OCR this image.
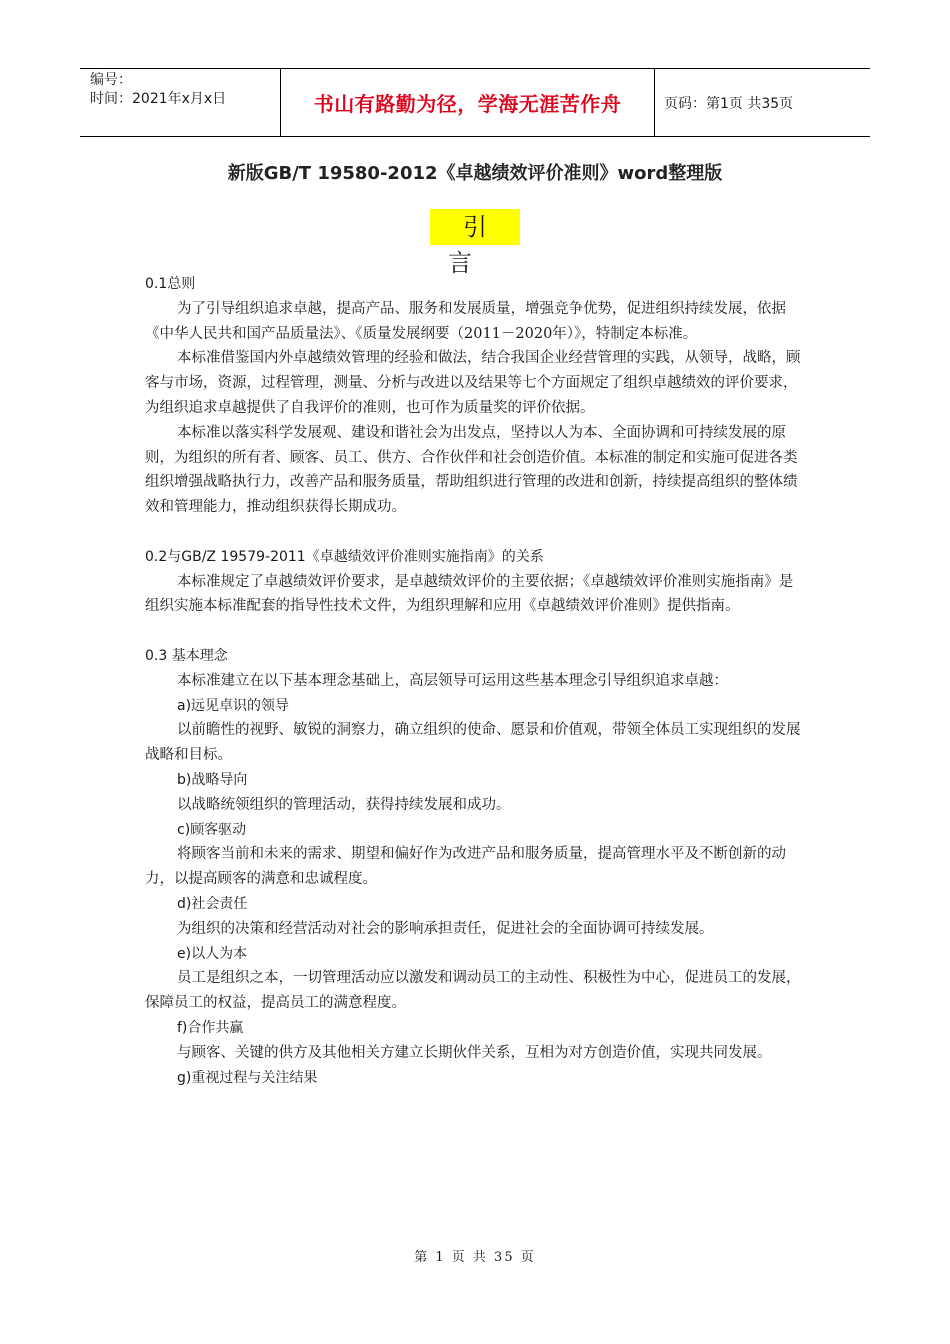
编号：
时间：2021年x月x日	书山有路勤为径，学海无涯苦作舟	页码：第1页 共35页
新版GB/T 19580-2012《卓越绩效评价准则》word整理版
引言

0.1总则

为了引导组织追求卓越，提高产品、服务和发展质量，增强竞争优势，促进组织持续发展，依据《中华人民共和国产品质量法》、《质量发展纲要（2011－2020年）》，特制定本标准。

本标准借鉴国内外卓越绩效管理的经验和做法，结合我国企业经营管理的实践，从领导，战略，顾客与市场，资源，过程管理，测量、分析与改进以及结果等七个方面规定了组织卓越绩效的评价要求，为组织追求卓越提供了自我评价的准则，也可作为质量奖的评价依据。

本标准以落实科学发展观、建设和谐社会为出发点，坚持以人为本、全面协调和可持续发展的原则，为组织的所有者、顾客、员工、供方、合作伙伴和社会创造价值。本标准的制定和实施可促进各类组织增强战略执行力，改善产品和服务质量，帮助组织进行管理的改进和创新，持续提高组织的整体绩效和管理能力，推动组织获得长期成功。

0.2与GB/Z 19579-2011《卓越绩效评价准则实施指南》的关系

本标准规定了卓越绩效评价要求，是卓越绩效评价的主要依据；《卓越绩效评价准则实施指南》是组织实施本标准配套的指导性技术文件，为组织理解和应用《卓越绩效评价准则》提供指南。

0.3 基本理念

本标准建立在以下基本理念基础上，高层领导可运用这些基本理念引导组织追求卓越：

a)远见卓识的领导

以前瞻性的视野、敏锐的洞察力，确立组织的使命、愿景和价值观，带领全体员工实现组织的发展战略和目标。

b)战略导向

以战略统领组织的管理活动，获得持续发展和成功。

c)顾客驱动

将顾客当前和未来的需求、期望和偏好作为改进产品和服务质量，提高管理水平及不断创新的动力，以提高顾客的满意和忠诚程度。

d)社会责任

为组织的决策和经营活动对社会的影响承担责任，促进社会的全面协调可持续发展。

e)以人为本

员工是组织之本，一切管理活动应以激发和调动员工的主动性、积极性为中心，促进员工的发展，保障员工的权益，提高员工的满意程度。

f)合作共赢

与顾客、关键的供方及其他相关方建立长期伙伴关系，互相为对方创造价值，实现共同发展。

g)重视过程与关注结果

第 1 页 共 35 页
